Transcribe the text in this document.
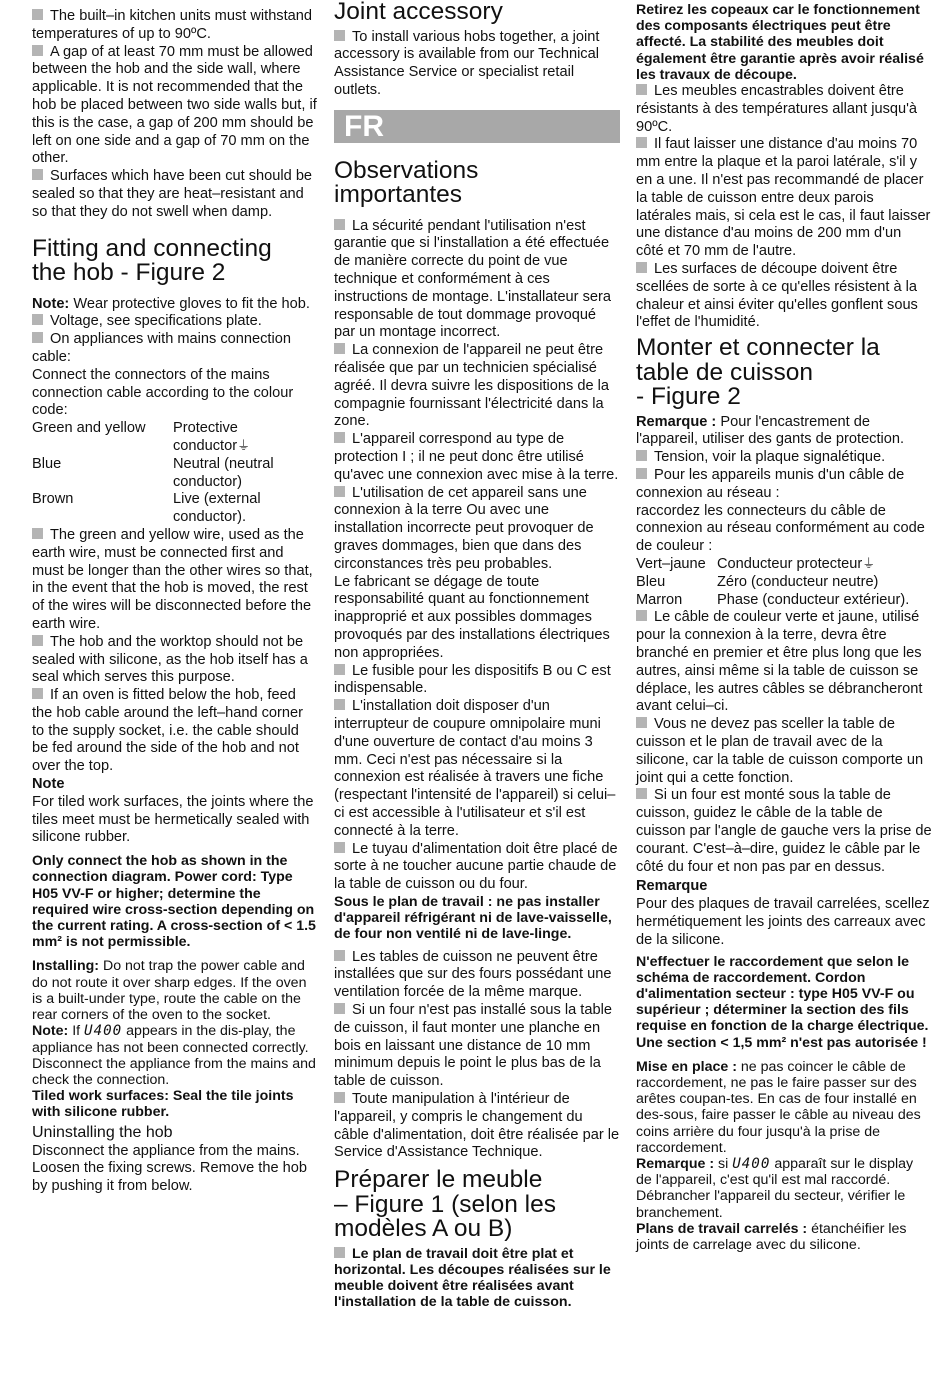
The built–in kitchen units must withstand temperatures of up to 90ºC.

A gap of at least 70 mm must be allowed between the hob and the side wall, where applicable. It is not recommended that the hob be placed between two side walls but, if this is the case, a gap of 200 mm should be left on one side and a gap of 70 mm on the other.

Surfaces which have been cut should be sealed so that they are heat–resistant and so that they do not swell when damp.

Fitting and connecting
the hob - Figure 2

Note: Wear protective gloves to fit the hob.

Voltage, see specifications plate.

On appliances with mains connection cable:

Connect the connectors of the mains connection cable according to the colour code:

Green and yellow	Protective conductor⏚
Blue	Neutral (neutral conductor)
Brown	Live (external conductor).

The green and yellow wire, used as the earth wire, must be connected first and must be longer than the other wires so that, in the event that the hob is moved, the rest of the wires will be disconnected before the earth wire.

The hob and the worktop should not be sealed with silicone, as the hob itself has a seal which serves this purpose.

If an oven is fitted below the hob, feed the hob cable around the left–hand corner to the supply socket, i.e. the cable should be fed around the side of the hob and not over the top.

Note

For tiled work surfaces, the joints where the tiles meet must be hermetically sealed with silicone rubber.

Only connect the hob as shown in the connection diagram. Power cord: Type H05 VV-F or higher; determine the required wire cross-section depending on the current rating. A cross-section of < 1.5 mm² is not permissible.

Installing: Do not trap the power cable and do not route it over sharp edges. If the oven is a built-under type, route the cable on the rear corners of the oven to the socket.

Note: If U400 appears in the dis-play, the appliance has not been connected correctly. Disconnect the appliance from the mains and check the connection.

Tiled work surfaces: Seal the tile joints with silicone rubber.

Uninstalling the hob

Disconnect the appliance from the mains. Loosen the fixing screws. Remove the hob by pushing it from below.

Joint accessory

To install various hobs together, a joint accessory is available from our Technical Assistance Service or specialist retail outlets.

FR
Observations
importantes

La sécurité pendant l'utilisation n'est garantie que si l'installation a été effectuée de manière correcte du point de vue technique et conformément à ces instructions de montage. L'installateur sera responsable de tout dommage provoqué par un montage incorrect.

La connexion de l'appareil ne peut être réalisée que par un technicien spécialisé agréé. Il devra suivre les dispositions de la compagnie fournissant l'électricité dans la zone.

L'appareil correspond au type de protection I ; il ne peut donc être utilisé qu'avec une connexion avec mise à la terre.

L'utilisation de cet appareil sans une connexion à la terre Ou avec une installation incorrecte peut provoquer de graves dommages, bien que dans des circonstances très peu probables.

Le fabricant se dégage de toute responsabilité quant au fonctionnement inapproprié et aux possibles dommages provoqués par des installations électriques non appropriées.

Le fusible pour les dispositifs B ou C est indispensable.

L'installation doit disposer d'un interrupteur de coupure omnipolaire muni d'une ouverture de contact d'au moins 3 mm. Ceci n'est pas nécessaire si la connexion est réalisée à travers une fiche (respectant l'intensité de l'appareil) si celui–ci est accessible à l'utilisateur et s'il est connecté à la terre.

Le tuyau d'alimentation doit être placé de sorte à ne toucher aucune partie chaude de la table de cuisson ou du four.

Sous le plan de travail : ne pas installer d'appareil réfrigérant ni de lave-vaisselle, de four non ventilé ni de lave-linge.

Les tables de cuisson ne peuvent être installées que sur des fours possédant une ventilation forcée de la même marque.

Si un four n'est pas installé sous la table de cuisson, il faut monter une planche en bois en laissant une distance de 10 mm minimum depuis le point le plus bas de la table de cuisson.

Toute manipulation à l'intérieur de l'appareil, y compris le changement du câble d'alimentation, doit être réalisée par le Service d'Assistance Technique.

Préparer le meuble
– Figure 1 (selon les
modèles A ou B)

Le plan de travail doit être plat et horizontal. Les découpes réalisées sur le meuble doivent être réalisées avant l'installation de la table de cuisson.

Retirez les copeaux car le fonctionnement des composants électriques peut être affecté. La stabilité des meubles doit également être garantie après avoir réalisé les travaux de découpe.

Les meubles encastrables doivent être résistants à des températures allant jusqu'à 90ºC.

Il faut laisser une distance d'au moins 70 mm entre la plaque et la paroi latérale, s'il y en a une. Il n'est pas recommandé de placer la table de cuisson entre deux parois latérales mais, si cela est le cas, il faut laisser une distance d'au moins de 200 mm d'un côté et 70 mm de l'autre.

Les surfaces de découpe doivent être scellées de sorte à ce qu'elles résistent à la chaleur et ainsi éviter qu'elles gonflent sous l'effet de l'humidité.

Monter et connecter la
table de cuisson
- Figure 2

Remarque : Pour l'encastrement de l'appareil, utiliser des gants de protection.

Tension, voir la plaque signalétique.

Pour les appareils munis d'un câble de connexion au réseau :

raccordez les connecteurs du câble de connexion au réseau conformément au code de couleur :

Vert–jaune	Conducteur protecteur⏚
Bleu	Zéro (conducteur neutre)
Marron	Phase (conducteur extérieur).

Le câble de couleur verte et jaune, utilisé pour la connexion à la terre, devra être branché en premier et être plus long que les autres, ainsi même si la table de cuisson se déplace, les autres câbles se débrancheront avant celui–ci.

Vous ne devez pas sceller la table de cuisson et le plan de travail avec de la silicone, car la table de cuisson comporte un joint qui a cette fonction.

Si un four est monté sous la table de cuisson, guidez le câble de la table de cuisson par l'angle de gauche vers la prise de courant. C'est–à–dire, guidez le câble par le côté du four et non pas par en dessus.

Remarque

Pour des plaques de travail carrelées, scellez hermétiquement les joints des carreaux avec de la silicone.

N'effectuer le raccordement que selon le schéma de raccordement. Cordon d'alimentation secteur : type H05 VV-F ou supérieur ; déterminer la section des fils requise en fonction de la charge électrique. Une section < 1,5 mm² n'est pas autorisée !

Mise en place : ne pas coincer le câble de raccordement, ne pas le faire passer sur des arêtes coupan-tes. En cas de four installé en des-sous, faire passer le câble au niveau des coins arrière du four jusqu'à la prise de raccordement.

Remarque : si U400 apparaît sur le display de l'appareil, c'est qu'il est mal raccordé. Débrancher l'appareil du secteur, vérifier le branchement.

Plans de travail carrelés : étanchéifier les joints de carrelage avec du silicone.
